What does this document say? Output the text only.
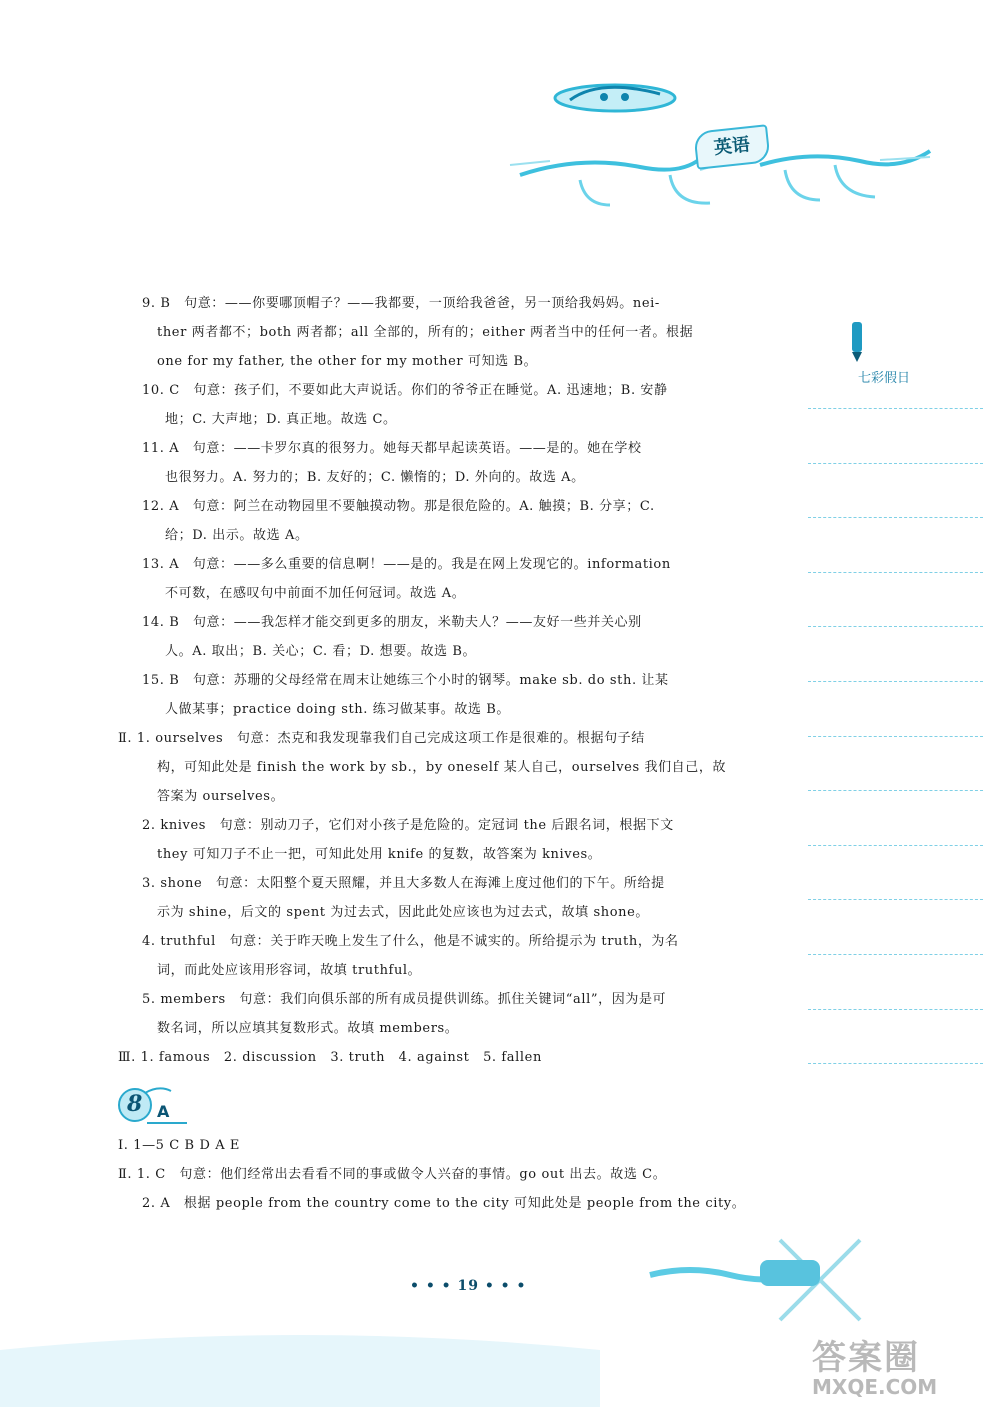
英语
七彩假日
9. B　句意：——你要哪顶帽子？——我都要，一顶给我爸爸，另一顶给我妈妈。nei-
ther 两者都不；both 两者都；all 全部的，所有的；either 两者当中的任何一者。根据
one for my father, the other for my mother 可知选 B。
10. C　句意：孩子们，不要如此大声说话。你们的爷爷正在睡觉。A. 迅速地；B. 安静
地；C. 大声地；D. 真正地。故选 C。
11. A　句意：——卡罗尔真的很努力。她每天都早起读英语。——是的。她在学校
也很努力。A. 努力的；B. 友好的；C. 懒惰的；D. 外向的。故选 A。
12. A　句意：阿兰在动物园里不要触摸动物。那是很危险的。A. 触摸；B. 分享；C.
给；D. 出示。故选 A。
13. A　句意：——多么重要的信息啊！——是的。我是在网上发现它的。information
不可数，在感叹句中前面不加任何冠词。故选 A。
14. B　句意：——我怎样才能交到更多的朋友，米勒夫人？——友好一些并关心别
人。A. 取出；B. 关心；C. 看；D. 想要。故选 B。
15. B　句意：苏珊的父母经常在周末让她练三个小时的钢琴。make sb. do sth. 让某
人做某事；practice doing sth. 练习做某事。故选 B。
Ⅱ. 1. ourselves　句意：杰克和我发现靠我们自己完成这项工作是很难的。根据句子结
构，可知此处是 finish the work by sb.，by oneself 某人自己，ourselves 我们自己，故
答案为 ourselves。
2. knives　句意：别动刀子，它们对小孩子是危险的。定冠词 the 后跟名词，根据下文
they 可知刀子不止一把，可知此处用 knife 的复数，故答案为 knives。
3. shone　句意：太阳整个夏天照耀，并且大多数人在海滩上度过他们的下午。所给提
示为 shine，后文的 spent 为过去式，因此此处应该也为过去式，故填 shone。
4. truthful　句意：关于昨天晚上发生了什么，他是不诚实的。所给提示为 truth，为名
词，而此处应该用形容词，故填 truthful。
5. members　句意：我们向俱乐部的所有成员提供训练。抓住关键词“all”，因为是可
数名词，所以应填其复数形式。故填 members。
Ⅲ. 1. famous　2. discussion　3. truth　4. against　5. fallen
8 A
Ⅰ. 1—5 C B D A E
Ⅱ. 1. C　句意：他们经常出去看看不同的事或做令人兴奋的事情。go out 出去。故选 C。
2. A　根据 people from the country come to the city 可知此处是 people from the city。
• • • 19 • • •
答案圈
MXQE.COM
